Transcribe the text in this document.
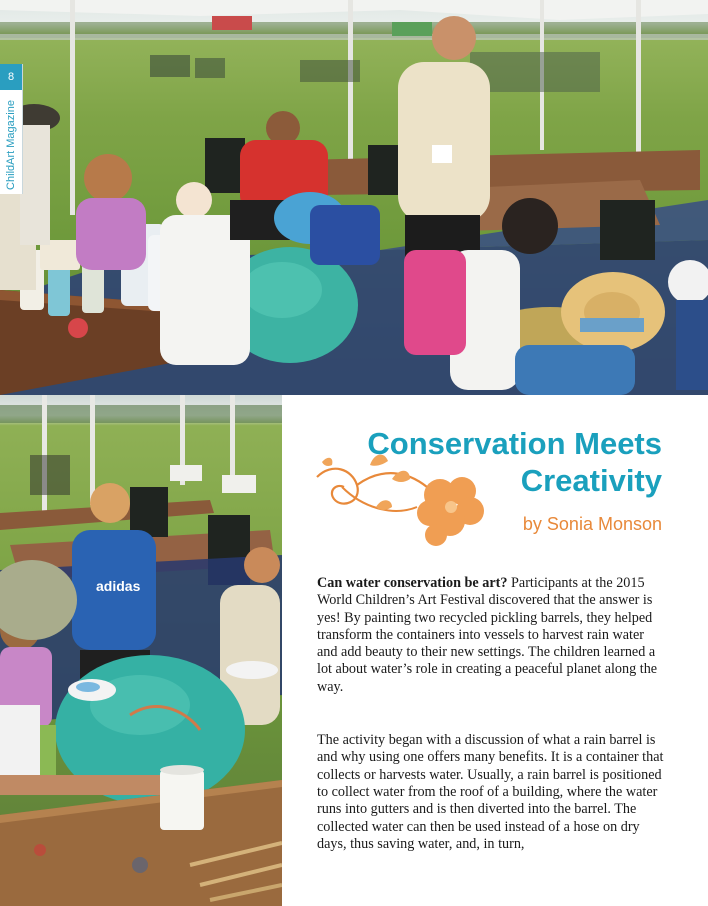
8
ChildArt Magazine
adidas
Conservation Meets
Creativity
by Sonia Monson

Can water conservation be art? Participants at the 2015 World Children’s Art Festival discovered that the answer is yes! By painting two recycled pickling barrels, they helped transform the containers into vessels to harvest rain water and add beauty to their new settings. The children learned a lot about water’s role in creating a peaceful planet along the way.

The activity began with a discussion of what a rain barrel is and why using one offers many benefits. It is a container that collects or harvests water. Usually, a rain barrel is positioned to collect water from the roof of a building, where the water runs into gutters and is then diverted into the barrel. The collected water can then be used instead of a hose on dry days, thus saving water, and, in turn,
